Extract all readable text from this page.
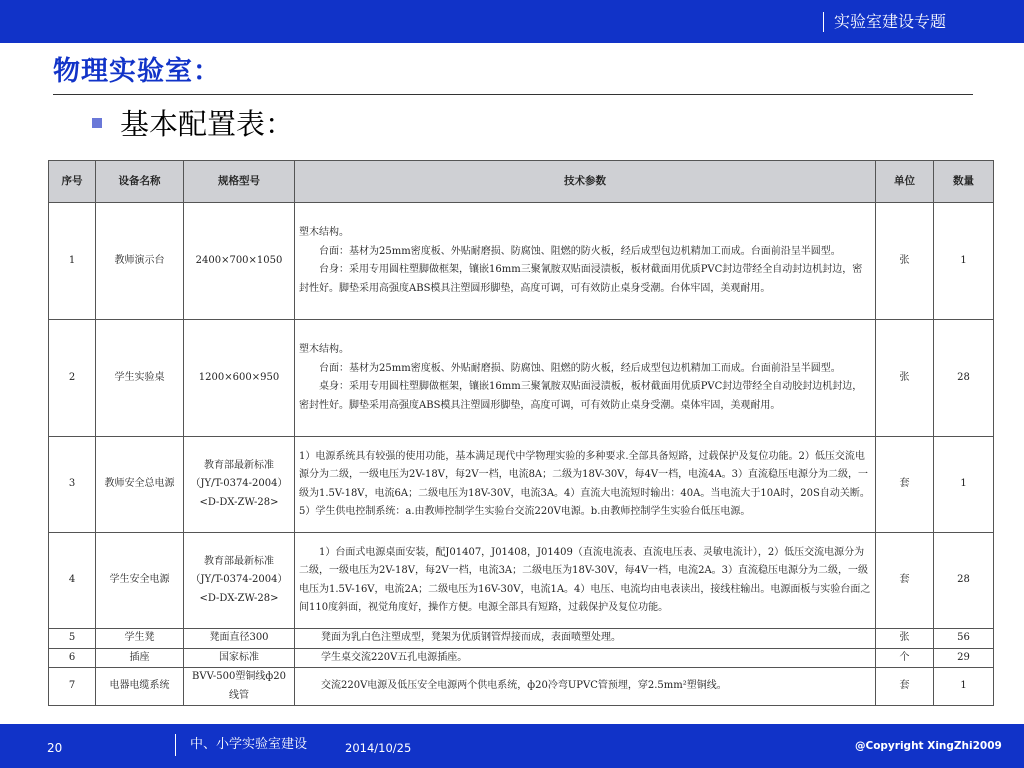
实验室建设专题
物理实验室：
基本配置表：
序号	设备名称	规格型号	技术参数	单位	数量
1	教师演示台	2400×700×1050	塑木结构。

台面：基材为25mm密度板、外贴耐磨损、防腐蚀、阻燃的防火板，经后成型包边机精加工而成。台面前沿呈半圆型。

台身：采用专用圆柱塑脚做框架，镶嵌16mm三聚氰胺双贴面浸渍板，板材截面用优质PVC封边带经全自动封边机封边，密封性好。脚垫采用高强度ABS模具注塑圆形脚垫，高度可调，可有效防止桌身受潮。台体牢固，美观耐用。	张	1
2	学生实验桌	1200×600×950	塑木结构。

台面：基材为25mm密度板、外贴耐磨损、防腐蚀、阻燃的防火板，经后成型包边机精加工而成。台面前沿呈半圆型。

桌身：采用专用圆柱塑脚做框架，镶嵌16mm三聚氰胺双贴面浸渍板，板材截面用优质PVC封边带经全自动胶封边机封边，密封性好。脚垫采用高强度ABS模具注塑圆形脚垫，高度可调，可有效防止桌身受潮。桌体牢固，美观耐用。	张	28
3	教师安全总电源	教育部最新标准（JY/T-0374-2004）<D-DX-ZW-28>	1）电源系统具有较强的使用功能，基本满足现代中学物理实验的多种要求.全部具备短路，过载保护及复位功能。2）低压交流电源分为二级，一级电压为2V-18V，每2V一档，电流8A；二级为18V-30V，每4V一档，电流4A。3）直流稳压电源分为二级，一级为1.5V-18V，电流6A；二级电压为18V-30V，电流3A。4）直流大电流短时输出：40A。当电流大于10A时，20S自动关断。5）学生供电控制系统：a.由教师控制学生实验台交流220V电源。b.由教师控制学生实验台低压电源。	套	1
4	学生安全电源	教育部最新标准（JY/T-0374-2004）<D-DX-ZW-28>	1）台面式电源桌面安装，配J01407，J01408，J01409（直流电流表、直流电压表、灵敏电流计），2）低压交流电源分为二级，一级电压为2V-18V，每2V一档，电流3A；二级电压为18V-30V，每4V一档，电流2A。3）直流稳压电源分为二级，一级电压为1.5V-16V，电流2A；二级电压为16V-30V，电流1A。4）电压、电流均由电表读出，接线柱输出。电源面板与实验台面之间110度斜面，视觉角度好，操作方便。电源全部具有短路，过载保护及复位功能。	套	28
5	学生凳	凳面直径300	凳面为乳白色注塑成型，凳架为优质钢管焊接而成，表面喷塑处理。	张	56
6	插座	国家标准	学生桌交流220V五孔电源插座。	个	29
7	电器电缆系统	BVV-500塑铜线ф20线管	交流220V电源及低压安全电源两个供电系统，ф20冷弯UPVC管预埋，穿2.5mm²塑铜线。	套	1
20	中、小学实验室建设	2014/10/25	@Copyright XingZhi2009
